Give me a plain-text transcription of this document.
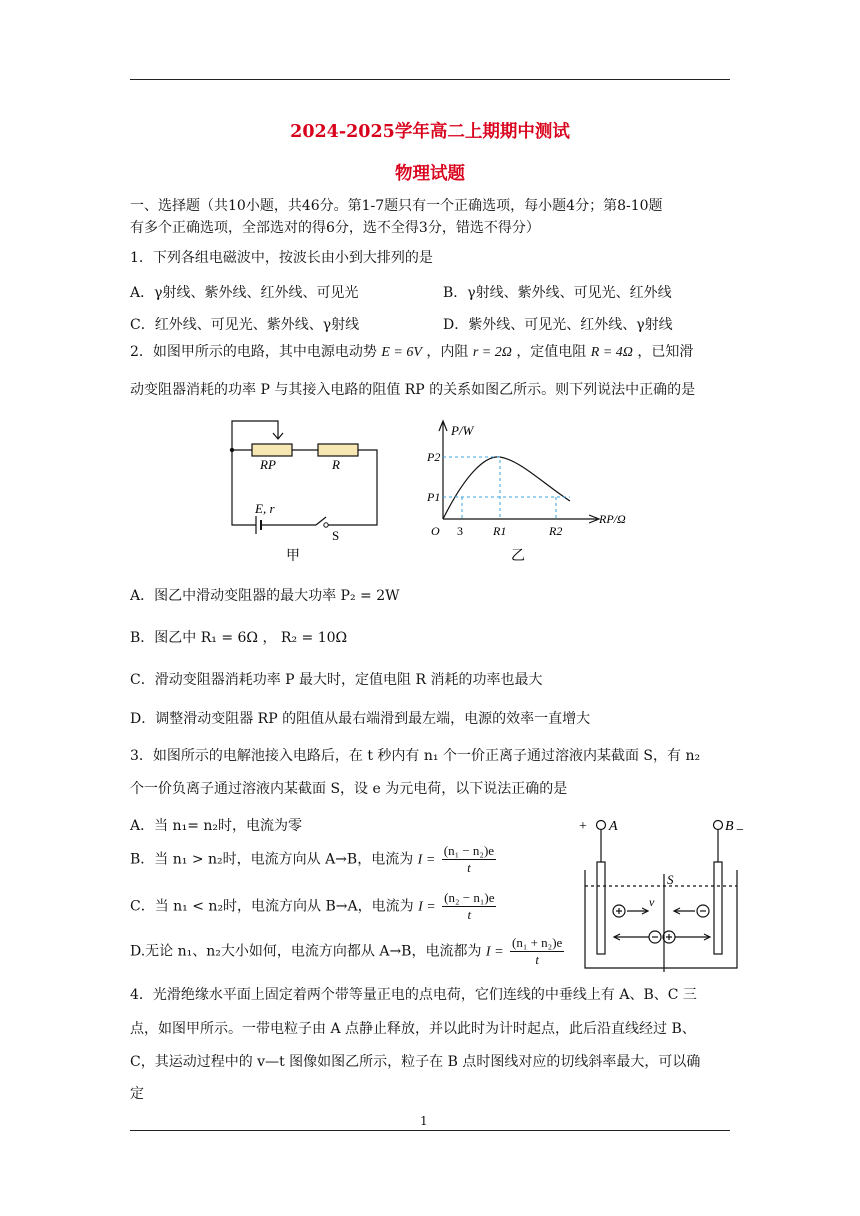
2024-2025学年高二上期期中测试
物理试题
一、选择题（共10小题，共46分。第1-7题只有一个正确选项，每小题4分；第8-10题
有多个正确选项，全部选对的得6分，选不全得3分，错选不得分）
1．下列各组电磁波中，按波长由小到大排列的是
A．γ射线、紫外线、红外线、可见光	B．γ射线、紫外线、可见光、红外线
C．红外线、可见光、紫外线、γ射线	D．紫外线、可见光、红外线、γ射线
2．如图甲所示的电路，其中电源电动势 E = 6V ，内阻 r = 2Ω ，定值电阻 R = 4Ω ，已知滑
动变阻器消耗的功率 P 与其接入电路的阻值 RP 的关系如图乙所示。则下列说法中正确的是
RP	R
E, r
S
甲
P/W
P2
P1
O 3	R1	R2
RP/Ω
乙
A．图乙中滑动变阻器的最大功率 P₂ = 2W
B．图乙中 R₁ = 6Ω ， R₂ = 10Ω
C．滑动变阻器消耗功率 P 最大时，定值电阻 R 消耗的功率也最大
D．调整滑动变阻器 RP 的阻值从最右端滑到最左端，电源的效率一直增大
3．如图所示的电解池接入电路后，在 t 秒内有 n₁ 个一价正离子通过溶液内某截面 S，有 n₂
个一价负离子通过溶液内某截面 S，设 e 为元电荷，以下说法正确的是
A．当 n₁= n₂时，电流为零
B．当 n₁ > n₂时，电流方向从 A→B，电流为 $I = \frac{\text{(n₁ − n₂)e}}{t}$
C．当 n₁ < n₂时，电流方向从 B→A，电流为 $I = \frac{\text{(n₂ − n₁)e}}{t}$
D.无论 n₁、n₂大小如何，电流方向都从 A→B，电流都为 $I = \frac{\text{(n₁ + n₂)e}}{t}$
+ A	B −
S
v
4．光滑绝缘水平面上固定着两个带等量正电的点电荷，它们连线的中垂线上有 A、B、C 三
点，如图甲所示。一带电粒子由 A 点静止释放，并以此时为计时起点，此后沿直线经过 B、
C，其运动过程中的 v—t 图像如图乙所示，粒子在 B 点时图线对应的切线斜率最大，可以确
定
1
